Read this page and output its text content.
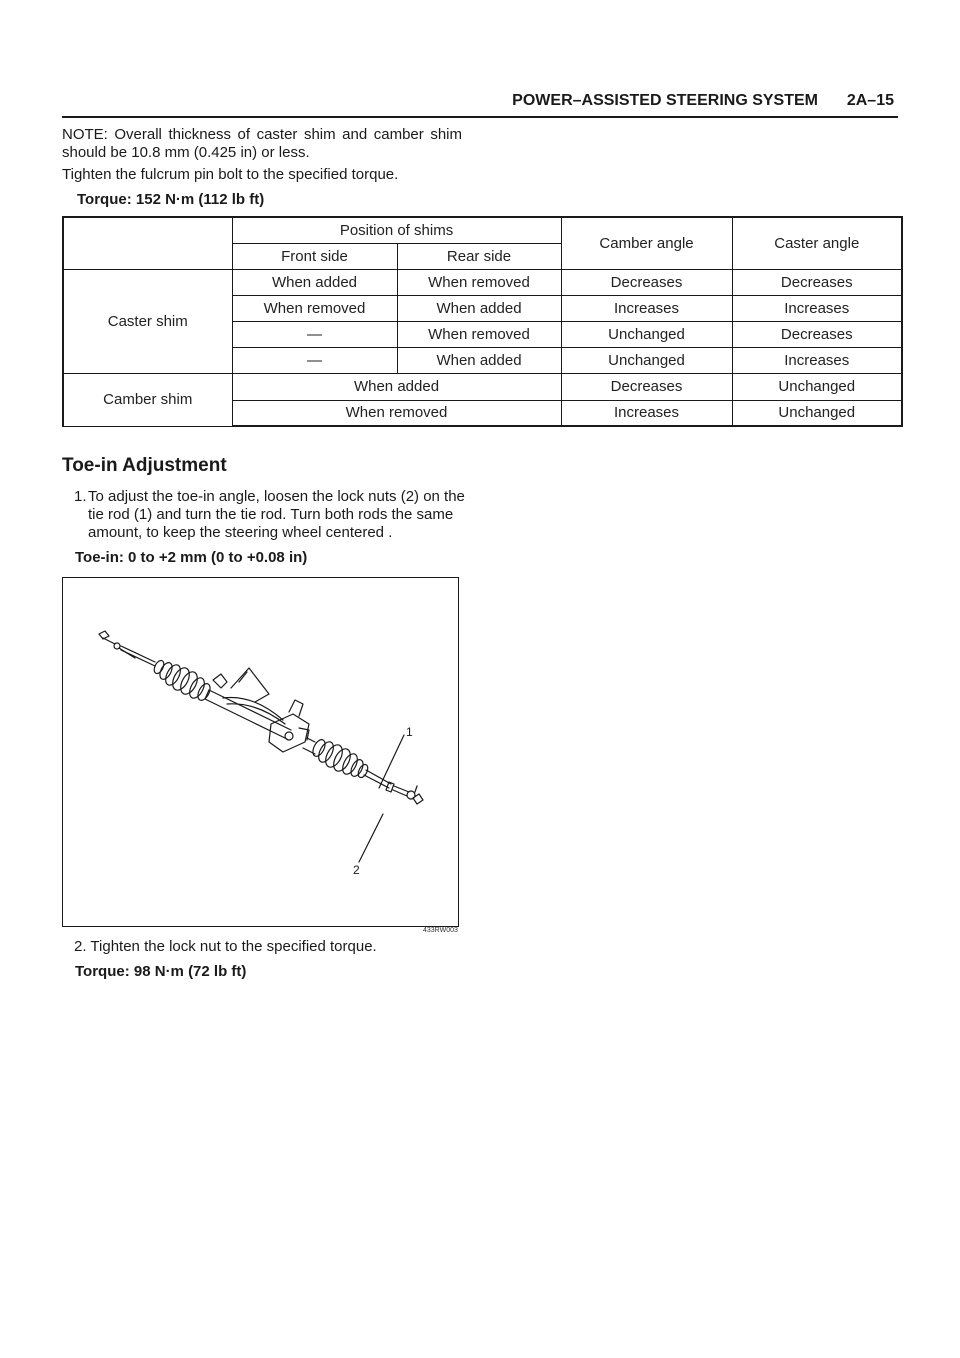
POWER–ASSISTED STEERING SYSTEM 2A–15
NOTE: Overall thickness of caster shim and camber shim should be 10.8 mm (0.425 in) or less.
Tighten the fulcrum pin bolt to the specified torque.
Torque: 152 N·m (112 lb ft)
	Position of shims		Camber angle	Caster angle
	Front side	Rear side		
Caster shim	When added	When removed	Decreases	Decreases
	When removed	When added	Increases	Increases
	—	When removed	Unchanged	Decreases
	—	When added	Unchanged	Increases
Camber shim	When added		Decreases	Unchanged
	When removed		Increases	Unchanged
Toe-in Adjustment
1. To adjust the toe-in angle, loosen the lock nuts (2) on the tie rod (1) and turn the tie rod. Turn both rods the same amount, to keep the steering wheel centered .
Toe-in: 0 to +2 mm (0 to +0.08 in)
1
2
433RW003
2. Tighten the lock nut to the specified torque.
Torque: 98 N·m (72 lb ft)
